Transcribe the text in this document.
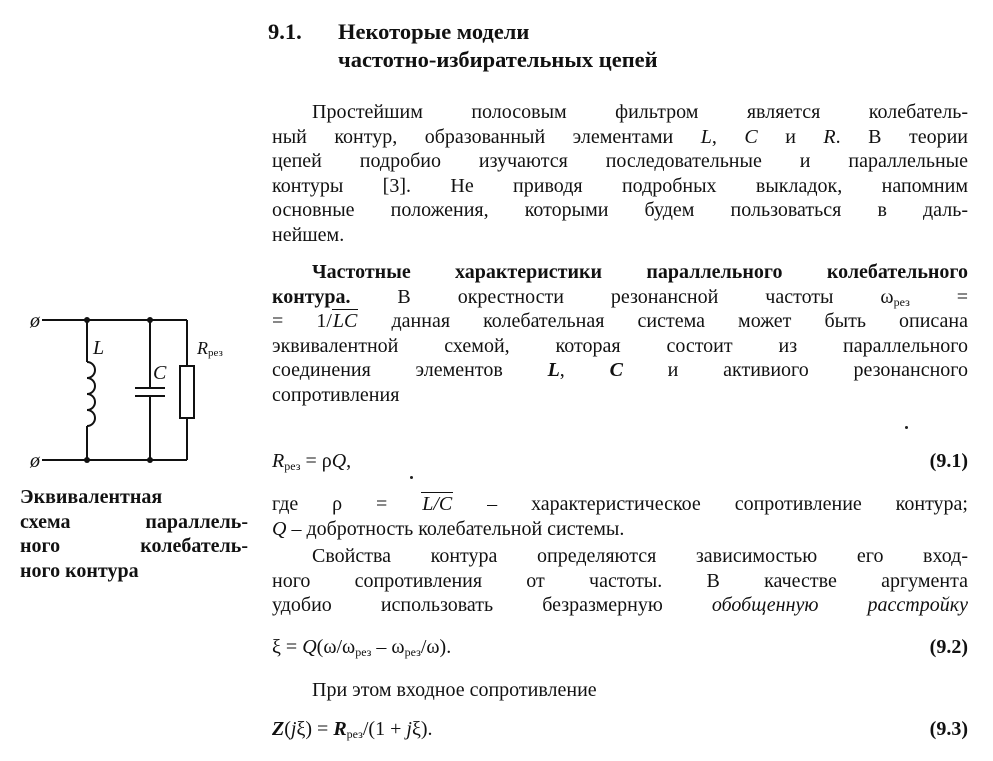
9.1. Некоторые модели
частотно-избирательных цепей
Простейшим полосовым фильтром является колебатель-
ный контур, образованный элементами L, C и R. В теории
цепей подробио изучаются последовательные и параллельные
контуры [3]. Не приводя подробных выкладок, напомним
основные положения, которыми будем пользоваться в даль-
нейшем.
Частотные характеристики параллельного колебательного
контура. В окрестности резонансной частоты $\omega_{рез}$ =
= 1/LC данная колебательная система может быть описана
эквивалентной схемой, которая состоит из параллельного
соединения элементов L, C и активиого резонансного
сопротивления
$R_{рез} = \rho Q$,	(9.1)
где ρ = L/C – характеристическое сопротивление контура;
Q – добротность колебательной системы.
Свойства контура определяются зависимостью его вход-
ного сопротивления от частоты. В качестве аргумента
удобио использовать безразмерную обобщенную расстройку
$\xi = Q(\omega/\omega_{рез} - \omega_{рез}/\omega)$.	(9.2)
При этом входное сопротивление
$Z(j\xi) = R_{рез}/(1 + j\xi)$.	(9.3)
ø
ø
L
C
Rрез
Эквивалентная
схема параллель-
ного колебатель-
ного контура
